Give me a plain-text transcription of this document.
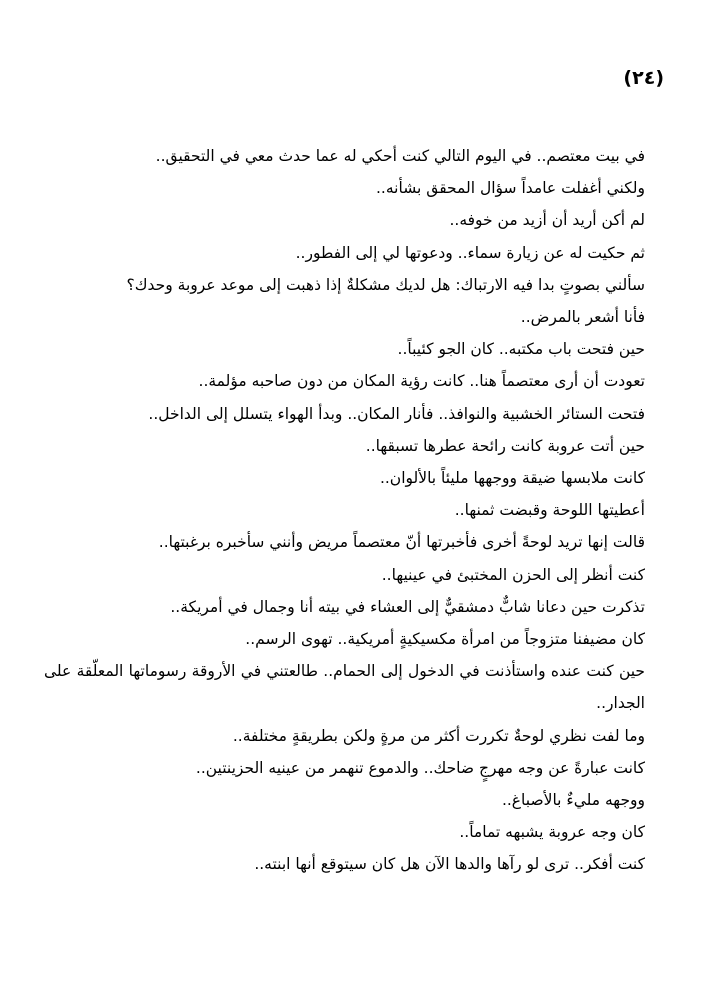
(٢٤)
في بيت معتصم.. في اليوم التالي كنت أحكي له عما حدث معي في التحقيق..
ولكني أغفلت عامداً سؤال المحقق بشأنه..
لم أكن أريد أن أزيد من خوفه..
ثم حكيت له عن زيارة سماء.. ودعوتها لي إلى الفطور..
سألني بصوتٍ بدا فيه الارتباك: هل لديك مشكلةٌ إذا ذهبت إلى موعد عروبة وحدك؟
فأنا أشعر بالمرض..
حين فتحت باب مكتبه.. كان الجو كئيباً..
تعودت أن أرى معتصماً هنا.. كانت رؤية المكان من دون صاحبه مؤلمة..
فتحت الستائر الخشبية والنوافذ.. فأنار المكان.. وبدأ الهواء يتسلل إلى الداخل..
حين أتت عروبة كانت رائحة عطرها تسبقها..
كانت ملابسها ضيقة ووجهها مليئاً بالألوان..
أعطيتها اللوحة وقبضت ثمنها..
قالت إنها تريد لوحةً أخرى فأخبرتها أنّ معتصماً مريض وأنني سأخبره برغبتها..
كنت أنظر إلى الحزن المختبئ في عينيها..
تذكرت حين دعانا شابٌّ دمشقيٌّ إلى العشاء في بيته أنا وجمال في أمريكة..
كان مضيفنا متزوجاً من امرأة مكسيكيةٍ أمريكية.. تهوى الرسم..
حين كنت عنده واستأذنت في الدخول إلى الحمام.. طالعتني في الأروقة رسوماتها المعلّقة على الجدار..
وما لفت نظري لوحةٌ تكررت أكثر من مرةٍ ولكن بطريقةٍ مختلفة..
كانت عبارةً عن وجه مهرجٍ ضاحك.. والدموع تنهمر من عينيه الحزينتين..
ووجهه مليءٌ بالأصباغ..
كان وجه عروبة يشبهه تماماً..
كنت أفكر.. ترى لو رآها والدها الآن هل كان سيتوقع أنها ابنته..
